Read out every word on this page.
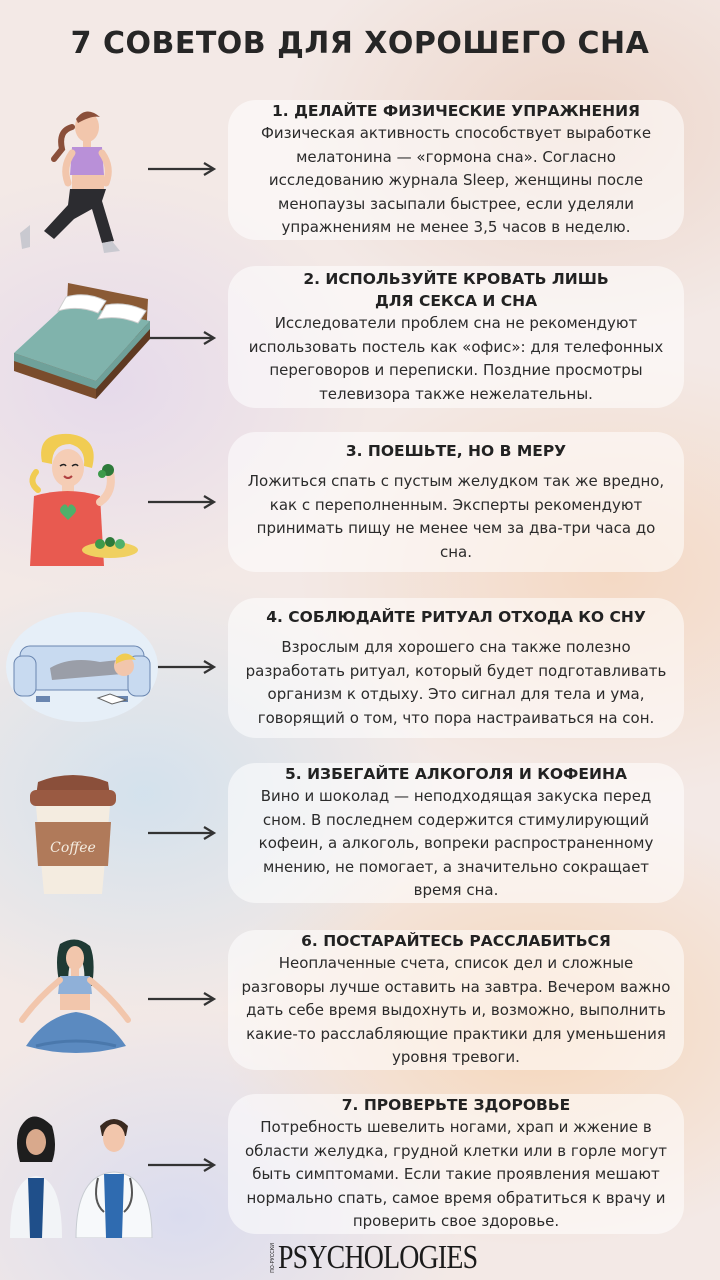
7 СОВЕТОВ ДЛЯ ХОРОШЕГО СНА
1. ДЕЛАЙТЕ ФИЗИЧЕСКИЕ УПРАЖНЕНИЯ
Физическая активность способствует выработке мелатонина — «гормона сна». Согласно исследованию журнала Sleep, женщины после менопаузы засыпали быстрее, если уделяли упражнениям не менее 3,5 часов в неделю.
2. ИСПОЛЬЗУЙТЕ КРОВАТЬ ЛИШЬ ДЛЯ СЕКСА И СНА
Исследователи проблем сна не рекомендуют использовать постель как «офис»: для телефонных переговоров и переписки. Поздние просмотры телевизора также нежелательны.
3. ПОЕШЬТЕ, НО В МЕРУ
Ложиться спать с пустым желудком так же вредно, как с переполненным. Эксперты рекомендуют принимать пищу не менее чем за два-три часа до сна.
4. СОБЛЮДАЙТЕ РИТУАЛ ОТХОДА КО СНУ
Взрослым для хорошего сна также полезно разработать ритуал, который будет подготавливать организм к отдыху. Это сигнал для тела и ума, говорящий о том, что пора настраиваться на сон.
5. ИЗБЕГАЙТЕ АЛКОГОЛЯ И КОФЕИНА
Вино и шоколад — неподходящая закуска перед сном. В последнем содержится стимулирующий кофеин, а алкоголь, вопреки распространенному мнению, не помогает, а значительно сокращает время сна.
6. ПОСТАРАЙТЕСЬ РАССЛАБИТЬСЯ
Неоплаченные счета, список дел и сложные разговоры лучше оставить на завтра. Вечером важно дать себе время выдохнуть и, возможно, выполнить какие-то расслабляющие практики для уменьшения уровня тревоги.
7. ПРОВЕРЬТЕ ЗДОРОВЬЕ
Потребность шевелить ногами, храп и жжение в области желудка, грудной клетки или в горле могут быть симптомами. Если такие проявления мешают нормально спать, самое время обратиться к врачу и проверить свое здоровье.
Coffee
ПО-РУССКИ PSYCHOLOGIES
